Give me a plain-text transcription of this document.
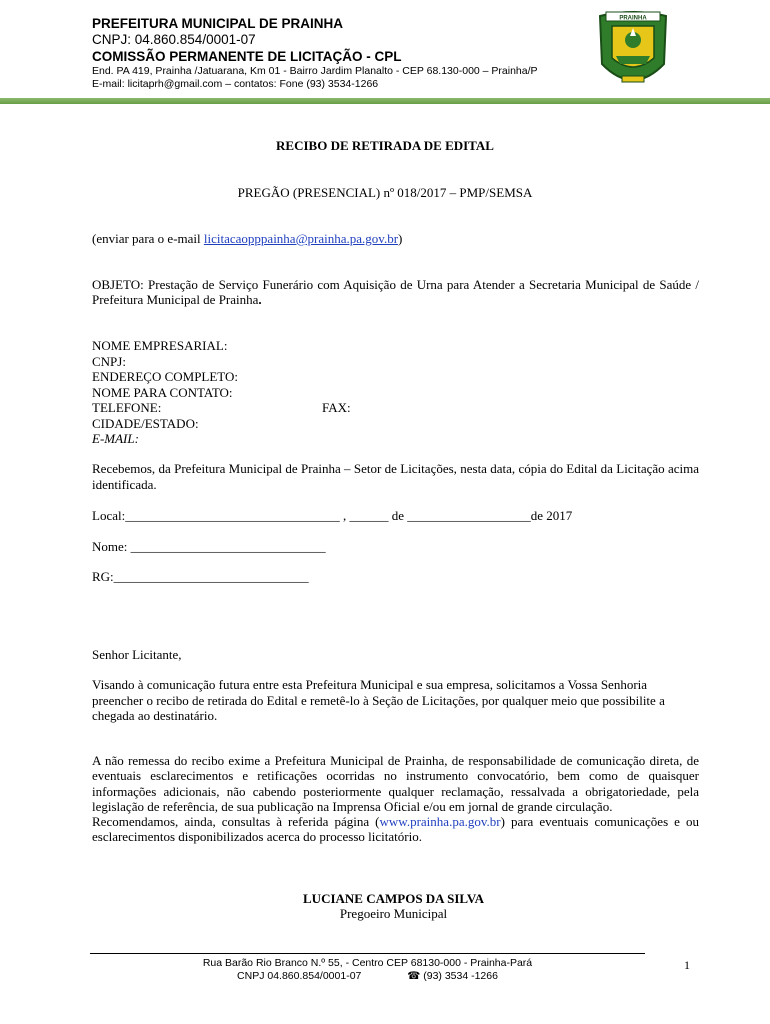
PREFEITURA MUNICIPAL DE PRAINHA
CNPJ: 04.860.854/0001-07
COMISSÃO PERMANENTE DE LICITAÇÃO - CPL
End. PA 419, Prainha /Jatuarana, Km 01 - Bairro Jardim Planalto - CEP 68.130-000 – Prainha/P
E-mail: licitaprh@gmail.com – contatos: Fone (93) 3534-1266
PRAINHA
RECIBO DE RETIRADA DE EDITAL
PREGÃO (PRESENCIAL) nº 018/2017 – PMP/SEMSA
(enviar para o e-mail licitacaopppainha@prainha.pa.gov.br)
OBJETO: Prestação de Serviço Funerário com Aquisição de Urna para Atender a Secretaria Municipal de Saúde / Prefeitura Municipal de Prainha.
NOME EMPRESARIAL:
CNPJ:
ENDEREÇO COMPLETO:
NOME PARA CONTATO:
TELEFONE:	FAX:
CIDADE/ESTADO:
E-MAIL:
Recebemos, da Prefeitura Municipal de Prainha – Setor de Licitações, nesta data, cópia do Edital da Licitação acima identificada.
Local:_________________________________ , ______ de ___________________de 2017
Nome: ______________________________
RG:______________________________
Senhor Licitante,
Visando à comunicação futura entre esta Prefeitura Municipal e sua empresa, solicitamos a Vossa Senhoria preencher o recibo de retirada do Edital e remetê-lo à Seção de Licitações, por qualquer meio que possibilite a chegada ao destinatário.
A não remessa do recibo exime a Prefeitura Municipal de Prainha, de responsabilidade de comunicação direta, de eventuais esclarecimentos e retificações ocorridas no instrumento convocatório, bem como de quaisquer informações adicionais, não cabendo posteriormente qualquer reclamação, ressalvada a obrigatoriedade, pela legislação de referência, de sua publicação na Imprensa Oficial e/ou em jornal de grande circulação.
Recomendamos, ainda, consultas à referida página (www.prainha.pa.gov.br) para eventuais comunicações e ou esclarecimentos disponibilizados acerca do processo licitatório.
LUCIANE CAMPOS DA SILVA
Pregoeiro Municipal
Rua Barão Rio Branco N.º 55, - Centro CEP 68130-000 - Prainha-Pará
CNPJ 04.860.854/0001-07	☎ (93) 3534 -1266
1
